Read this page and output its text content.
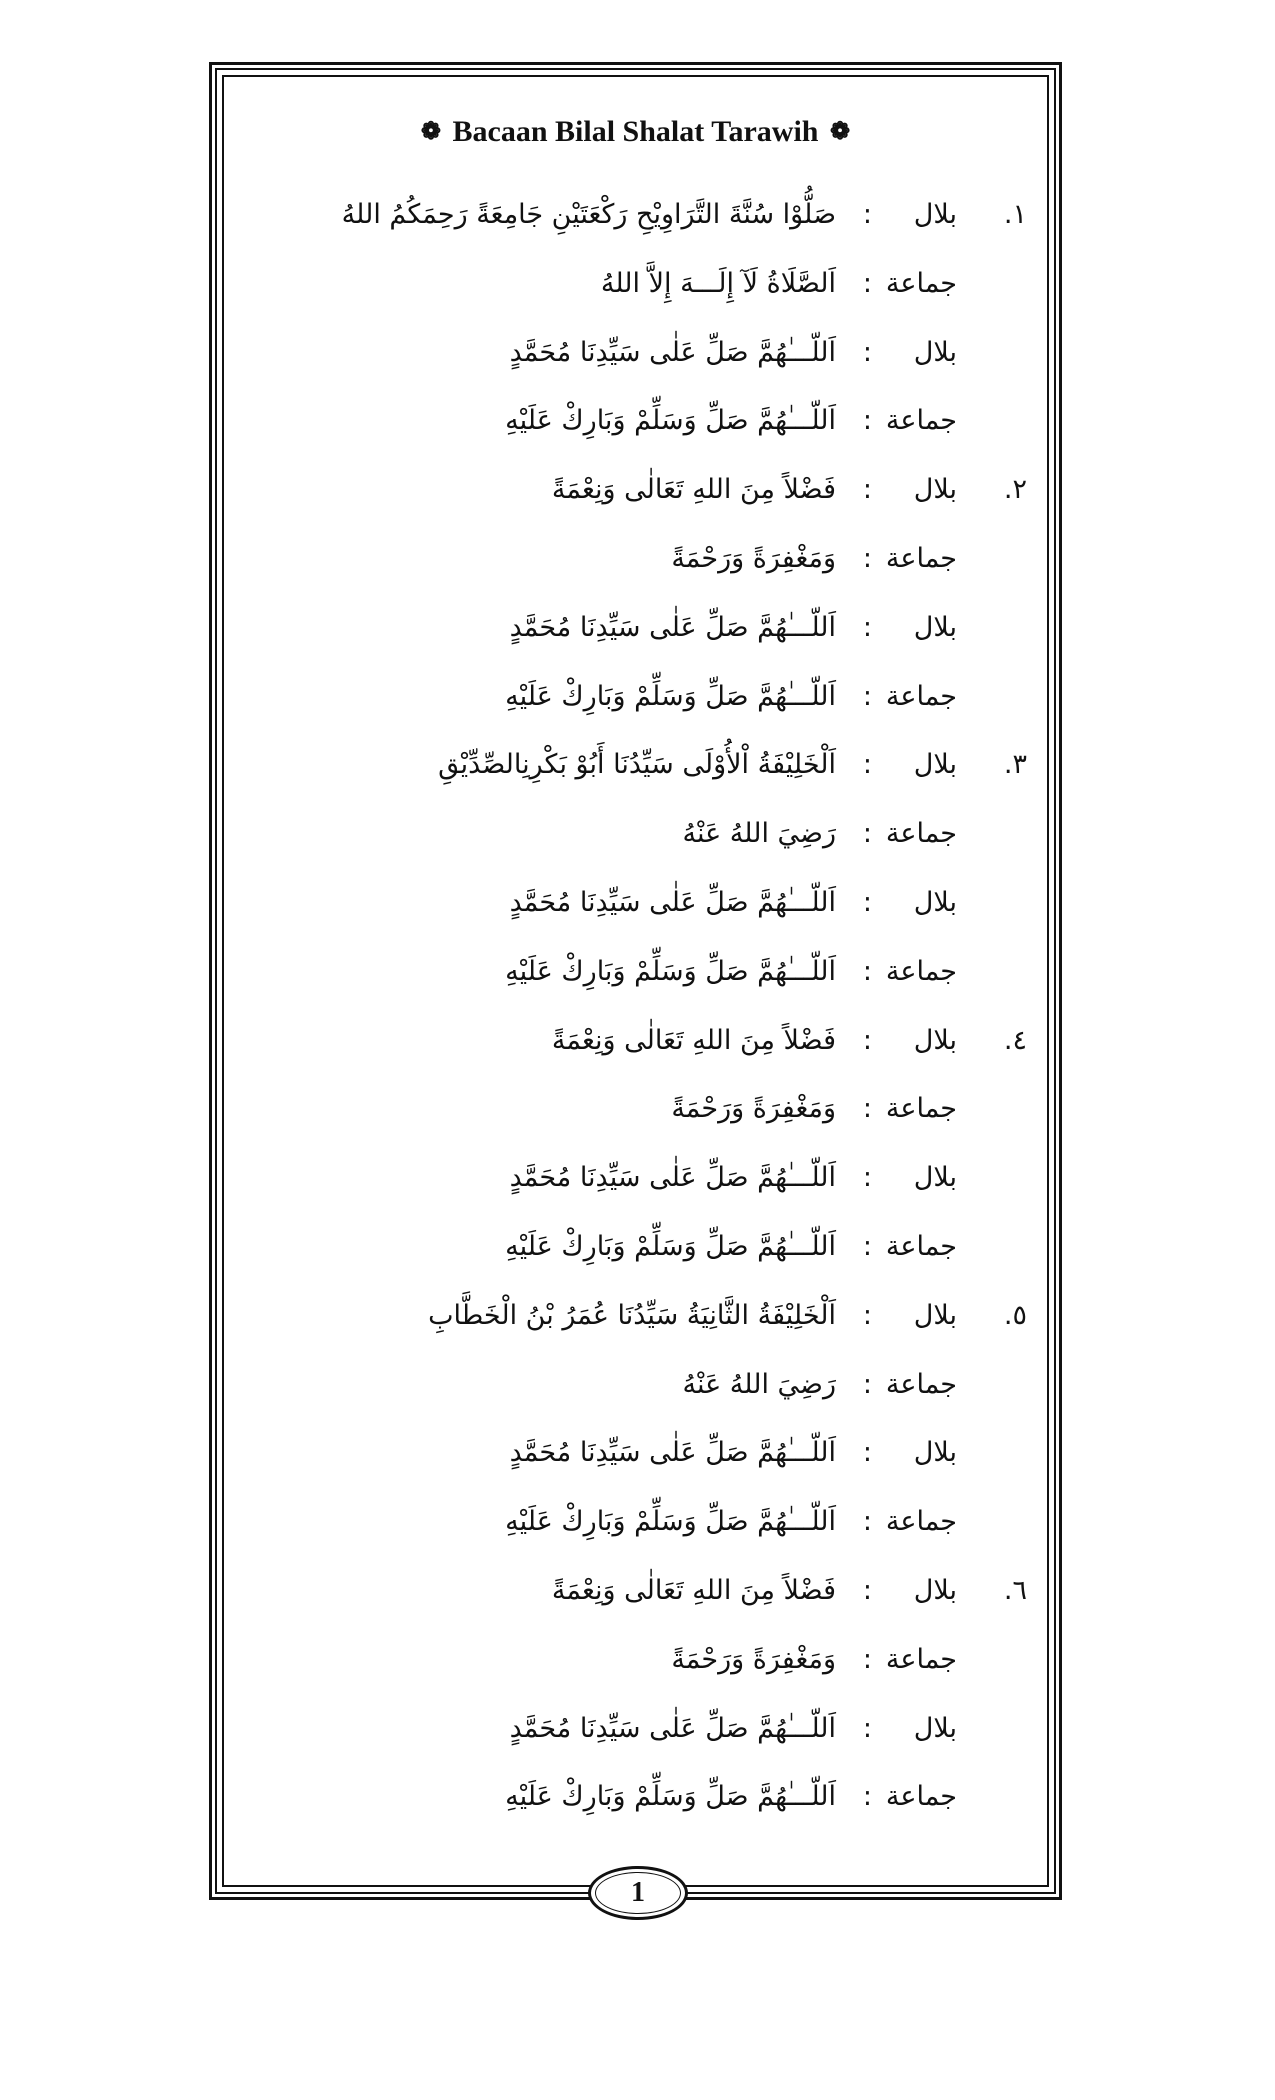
❁ Bacaan Bilal Shalat Tarawih ❁
١.
بلال
:
صَلُّوْا سُنَّةَ التَّرَاوِيْحِ رَكْعَتَيْنِ جَامِعَةً رَحِمَكُمُ اللهُ
جماعة
:
اَلصَّلَاةُ لَآ إِلَـــهَ إِلاَّ اللهُ
بلال
:
اَللّـــٰهُمَّ صَلِّ عَلٰى سَيِّدِنَا مُحَمَّدٍ
جماعة
:
اَللّـــٰهُمَّ صَلِّ وَسَلِّمْ وَبَارِكْ عَلَيْهِ
٢.
بلال
:
فَضْلاً مِنَ اللهِ تَعَالٰى وَنِعْمَةً
جماعة
:
وَمَغْفِرَةً وَرَحْمَةً
بلال
:
اَللّـــٰهُمَّ صَلِّ عَلٰى سَيِّدِنَا مُحَمَّدٍ
جماعة
:
اَللّـــٰهُمَّ صَلِّ وَسَلِّمْ وَبَارِكْ عَلَيْهِ
٣.
بلال
:
اَلْخَلِيْفَةُ اْلأُوْلَى سَيِّدُنَا أَبُوْ بَكْرِنِالصِّدِّيْقِ
جماعة
:
رَضِيَ اللهُ عَنْهُ
بلال
:
اَللّـــٰهُمَّ صَلِّ عَلٰى سَيِّدِنَا مُحَمَّدٍ
جماعة
:
اَللّـــٰهُمَّ صَلِّ وَسَلِّمْ وَبَارِكْ عَلَيْهِ
٤.
بلال
:
فَضْلاً مِنَ اللهِ تَعَالٰى وَنِعْمَةً
جماعة
:
وَمَغْفِرَةً وَرَحْمَةً
بلال
:
اَللّـــٰهُمَّ صَلِّ عَلٰى سَيِّدِنَا مُحَمَّدٍ
جماعة
:
اَللّـــٰهُمَّ صَلِّ وَسَلِّمْ وَبَارِكْ عَلَيْهِ
٥.
بلال
:
اَلْخَلِيْفَةُ الثَّانِيَةُ سَيِّدُنَا عُمَرُ بْنُ الْخَطَّابِ
جماعة
:
رَضِيَ اللهُ عَنْهُ
بلال
:
اَللّـــٰهُمَّ صَلِّ عَلٰى سَيِّدِنَا مُحَمَّدٍ
جماعة
:
اَللّـــٰهُمَّ صَلِّ وَسَلِّمْ وَبَارِكْ عَلَيْهِ
٦.
بلال
:
فَضْلاً مِنَ اللهِ تَعَالٰى وَنِعْمَةً
جماعة
:
وَمَغْفِرَةً وَرَحْمَةً
بلال
:
اَللّـــٰهُمَّ صَلِّ عَلٰى سَيِّدِنَا مُحَمَّدٍ
جماعة
:
اَللّـــٰهُمَّ صَلِّ وَسَلِّمْ وَبَارِكْ عَلَيْهِ
1
